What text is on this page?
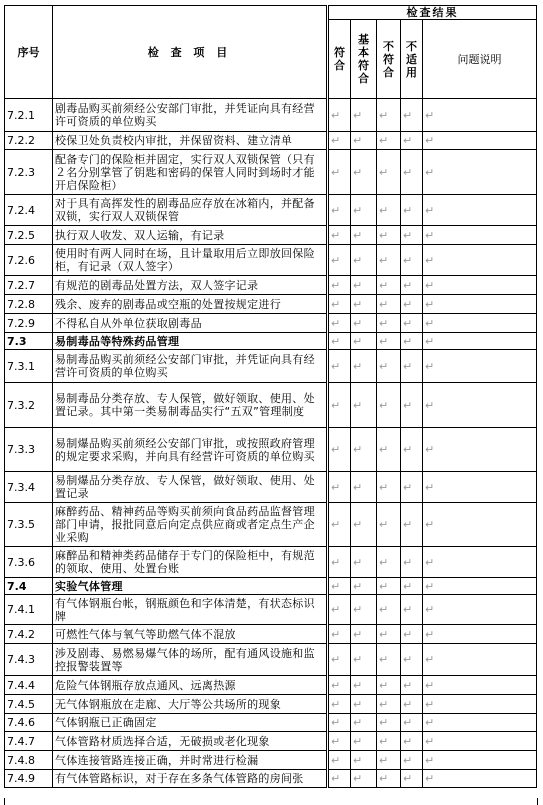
序号	检 查 项 目	检查结果				
		符合	基本符合	不符合	不适用	问题说明
7.2.1	剧毒品购买前须经公安部门审批，并凭证向具有经营许可资质的单位购买	↵	↵	↵	↵	↵
7.2.2	校保卫处负责校内审批，并保留资料、建立清单	↵	↵	↵	↵	↵
7.2.3	配备专门的保险柜并固定，实行双人双锁保管（只有２名分别掌管了钥匙和密码的保管人同时到场时才能开启保险柜）	↵	↵	↵	↵	↵
7.2.4	对于具有高挥发性的剧毒品应存放在冰箱内，并配备双锁，实行双人双锁保管	↵	↵	↵	↵	↵
7.2.5	执行双人收发、双人运输，有记录	↵	↵	↵	↵	↵
7.2.6	使用时有两人同时在场，且计量取用后立即放回保险柜，有记录（双人签字）	↵	↵	↵	↵	↵
7.2.7	有规范的剧毒品处置方法，双人签字记录	↵	↵	↵	↵	↵
7.2.8	残余、废弃的剧毒品或空瓶的处置按规定进行	↵	↵	↵	↵	↵
7.2.9	不得私自从外单位获取剧毒品	↵	↵	↵	↵	↵
7.3	易制毒品等特殊药品管理	↵	↵	↵	↵	↵
7.3.1	易制毒品购买前须经公安部门审批，并凭证向具有经营许可资质的单位购买	↵	↵	↵	↵	↵
7.3.2	易制毒品分类存放、专人保管，做好领取、使用、处置记录。其中第一类易制毒品实行“五双”管理制度	↵	↵	↵	↵	↵
7.3.3	易制爆品购买前须经公安部门审批，或按照政府管理的规定要求采购，并向具有经营许可资质的单位购买	↵	↵	↵	↵	↵
7.3.4	易制爆品分类存放、专人保管，做好领取、使用、处置记录	↵	↵	↵	↵	↵
7.3.5	麻醉药品、精神药品等购买前须向食品药品监督管理部门申请，报批同意后向定点供应商或者定点生产企业采购	↵	↵	↵	↵	↵
7.3.6	麻醉品和精神类药品储存于专门的保险柜中，有规范的领取、使用、处置台账	↵	↵	↵	↵	↵
7.4	实验气体管理	↵	↵	↵	↵	↵
7.4.1	有气体钢瓶台帐，钢瓶颜色和字体清楚，有状态标识牌	↵	↵	↵	↵	↵
7.4.2	可燃性气体与氧气等助燃气体不混放	↵	↵	↵	↵	↵
7.4.3	涉及剧毒、易燃易爆气体的场所，配有通风设施和监控报警装置等	↵	↵	↵	↵	↵
7.4.4	危险气体钢瓶存放点通风、远离热源	↵	↵	↵	↵	↵
7.4.5	无气体钢瓶放在走廊、大厅等公共场所的现象	↵	↵	↵	↵	↵
7.4.6	气体钢瓶已正确固定	↵	↵	↵	↵	↵
7.4.7	气体管路材质选择合适，无破损或老化现象	↵	↵	↵	↵	↵
7.4.8	气体连接管路连接正确，并时常进行检漏	↵	↵	↵	↵	↵
7.4.9	有气体管路标识，对于存在多条气体管路的房间张	↵	↵	↵	↵	↵
